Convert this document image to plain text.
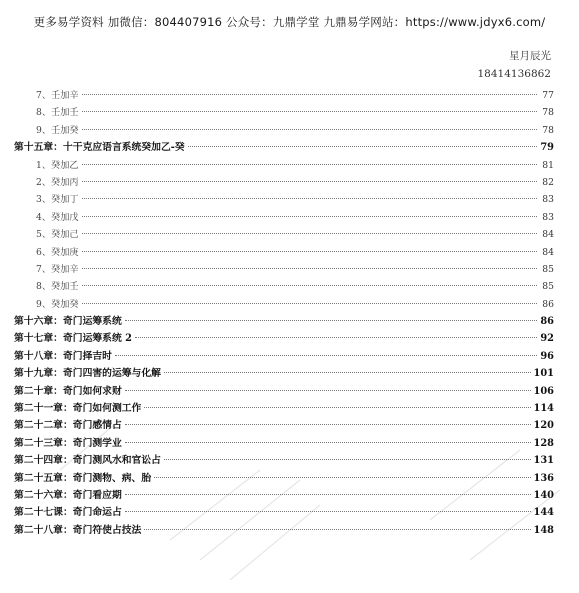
更多易学资料 加微信：804407916 公众号：九鼎学堂 九鼎易学网站：https://www.jdyx6.com/
星月辰光
18414136862
7、壬加辛	77
8、壬加壬	78
9、壬加癸	78
第十五章：十干克应语言系统癸加乙-癸	79
1、癸加乙	81
2、癸加丙	82
3、癸加丁	83
4、癸加戊	83
5、癸加己	84
6、癸加庚	84
7、癸加辛	85
8、癸加壬	85
9、癸加癸	86
第十六章：奇门运筹系统	86
第十七章：奇门运筹系统 2	92
第十八章：奇门择吉时	96
第十九章：奇门四害的运筹与化解	101
第二十章：奇门如何求财	106
第二十一章：奇门如何测工作	114
第二十二章：奇门感情占	120
第二十三章：奇门测学业	128
第二十四章：奇门测风水和官讼占	131
第二十五章：奇门测物、病、胎	136
第二十六章：奇门看应期	140
第二十七课：奇门命运占	144
第二十八章：奇门符使占技法	148
